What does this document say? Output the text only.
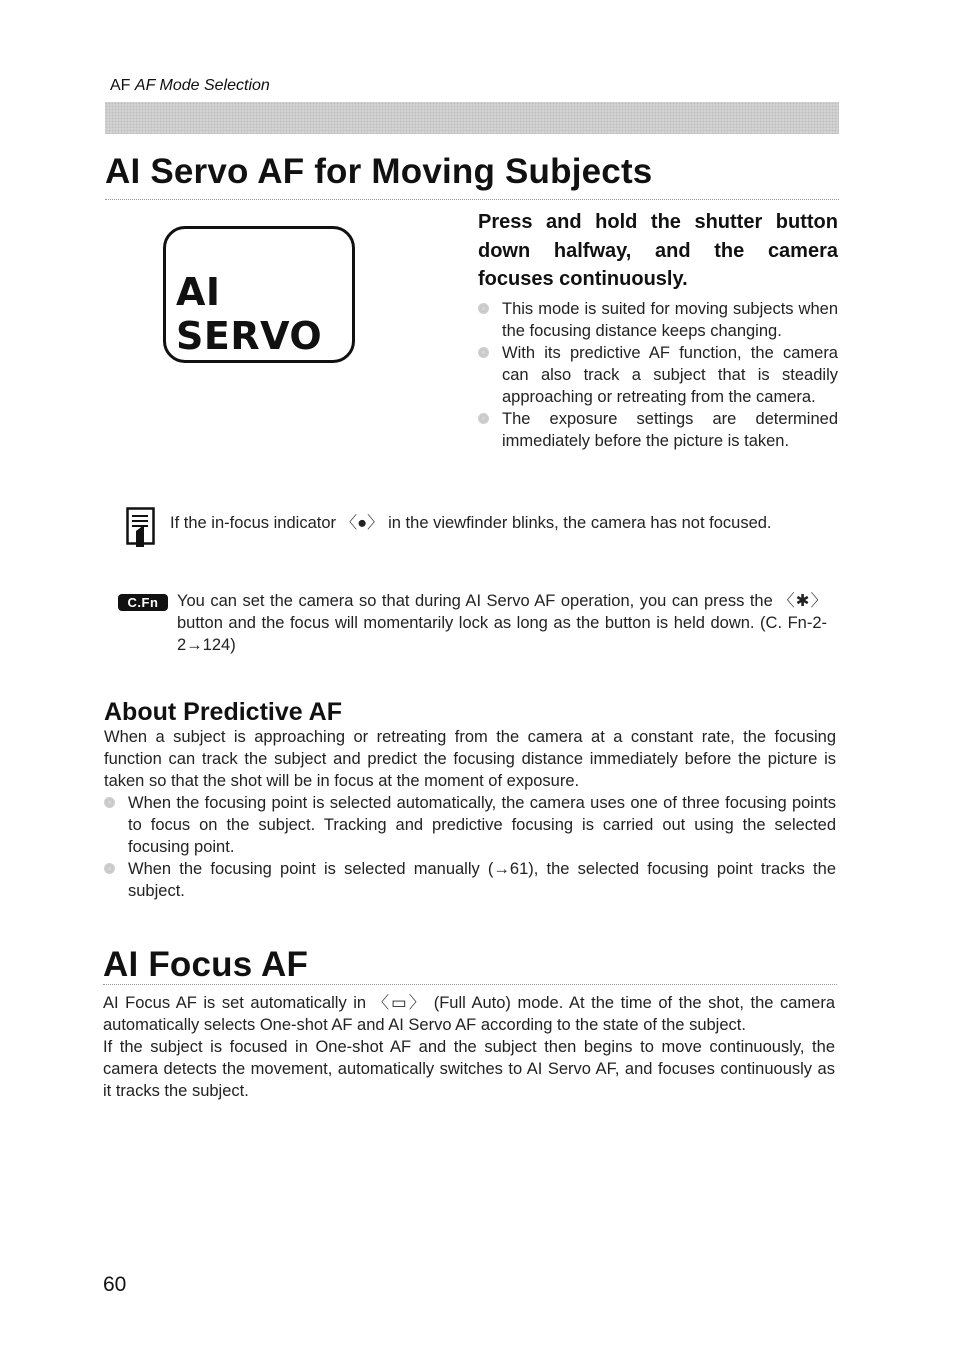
AF AF Mode Selection
AI Servo AF for Moving Subjects
AI SERVO
Press and hold the shutter button down halfway, and the camera focuses continuously.
This mode is suited for moving subjects when the focusing distance keeps changing.
With its predictive AF function, the camera can also track a subject that is steadily approaching or retreating from the camera.
The exposure settings are determined immediately before the picture is taken.
If the in-focus indicator 〈●〉 in the viewfinder blinks, the camera has not focused.
C.Fn	You can set the camera so that during AI Servo AF operation, you can press the 〈✱〉 button and the focus will momentarily lock as long as the button is held down. (C. Fn-2-2→124)
About Predictive AF
When a subject is approaching or retreating from the camera at a constant rate, the focusing function can track the subject and predict the focusing distance immediately before the picture is taken so that the shot will be in focus at the moment of exposure.
When the focusing point is selected automatically, the camera uses one of three focusing points to focus on the subject. Tracking and predictive focusing is carried out using the selected focusing point.
When the focusing point is selected manually (→61), the selected focusing point tracks the subject.
AI Focus AF
AI Focus AF is set automatically in 〈▭〉 (Full Auto) mode. At the time of the shot, the camera automatically selects One-shot AF and AI Servo AF according to the state of the subject.
If the subject is focused in One-shot AF and the subject then begins to move continuously, the camera detects the movement, automatically switches to AI Servo AF, and focuses continuously as it tracks the subject.
60
